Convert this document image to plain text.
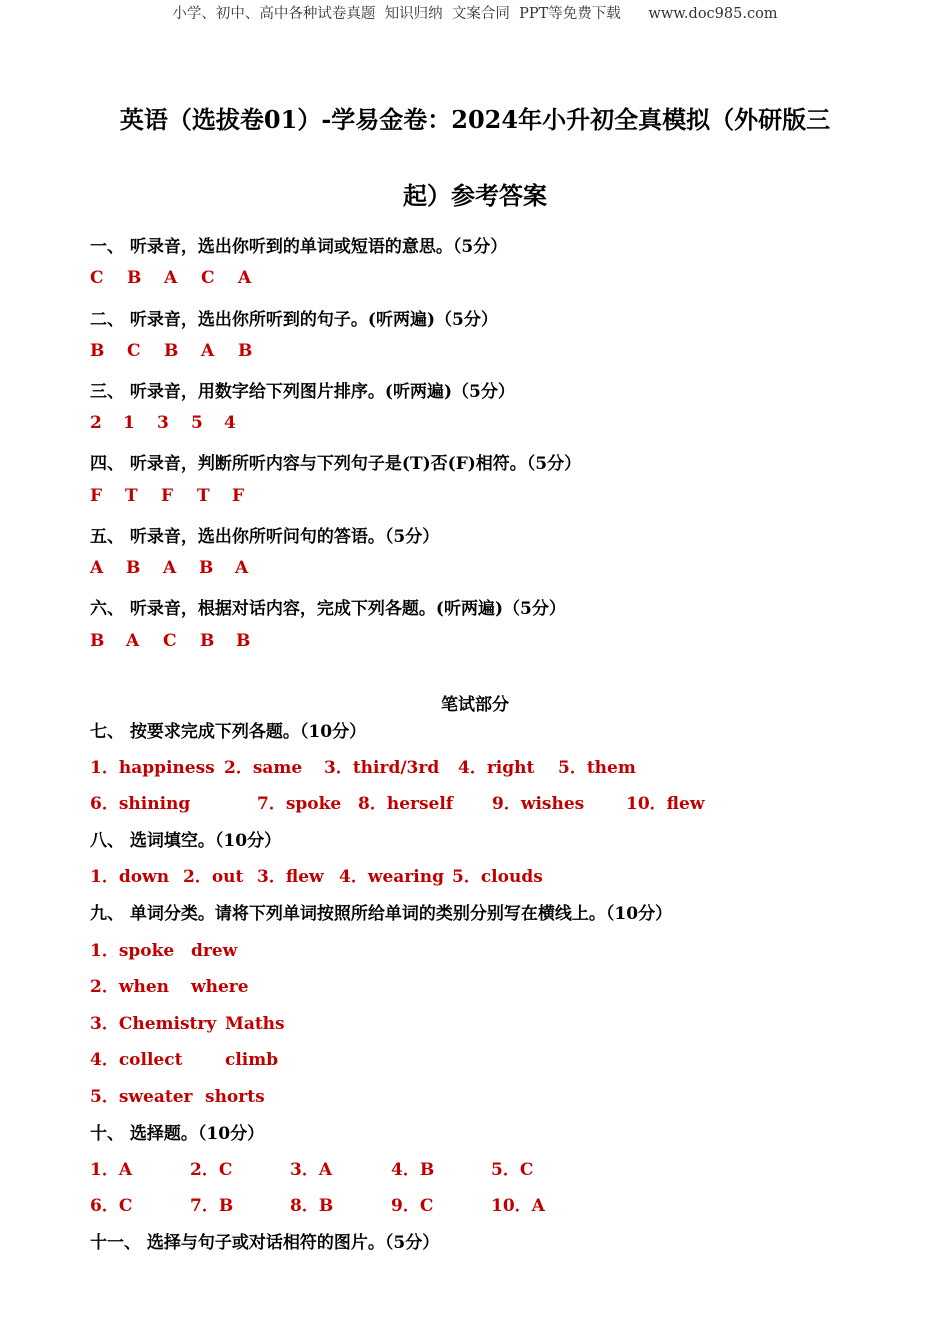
小学、初中、高中各种试卷真题  知识归纳  文案合同  PPT等免费下载      www.doc985.com
英语（选拔卷01）-学易金卷：2024年小升初全真模拟（外研版三
起）参考答案
一、 听录音，选出你听到的单词或短语的意思。（5分）
C B A C A
二、 听录音，选出你所听到的句子。(听两遍)（5分）
B C B A B
三、 听录音，用数字给下列图片排序。(听两遍)（5分）
2 1 3 5 4
四、 听录音，判断所听内容与下列句子是(T)否(F)相符。（5分）
F T F T F
五、 听录音，选出你所听问句的答语。（5分）
A B A B A
六、 听录音，根据对话内容，完成下列各题。(听两遍)（5分）
B A C B B
笔试部分
七、 按要求完成下列各题。（10分）
1．happiness 2．same 3．third/3rd 4．right 5．them
6．shining	7．spoke 8．herself 9．wishes 10．flew
八、 选词填空。（10分）
1．down 2．out 3．flew 4．wearing 5．clouds
九、 单词分类。请将下列单词按照所给单词的类别分别写在横线上。（10分）
1．spoke drew
2．when where
3．Chemistry Maths
4．collect	climb
5．sweater shorts
十、 选择题。（10分）
1．A	2．C	3．A	4．B	5．C
6．C	7．B	8．B	9．C	10．A
十一、 选择与句子或对话相符的图片。（5分）
